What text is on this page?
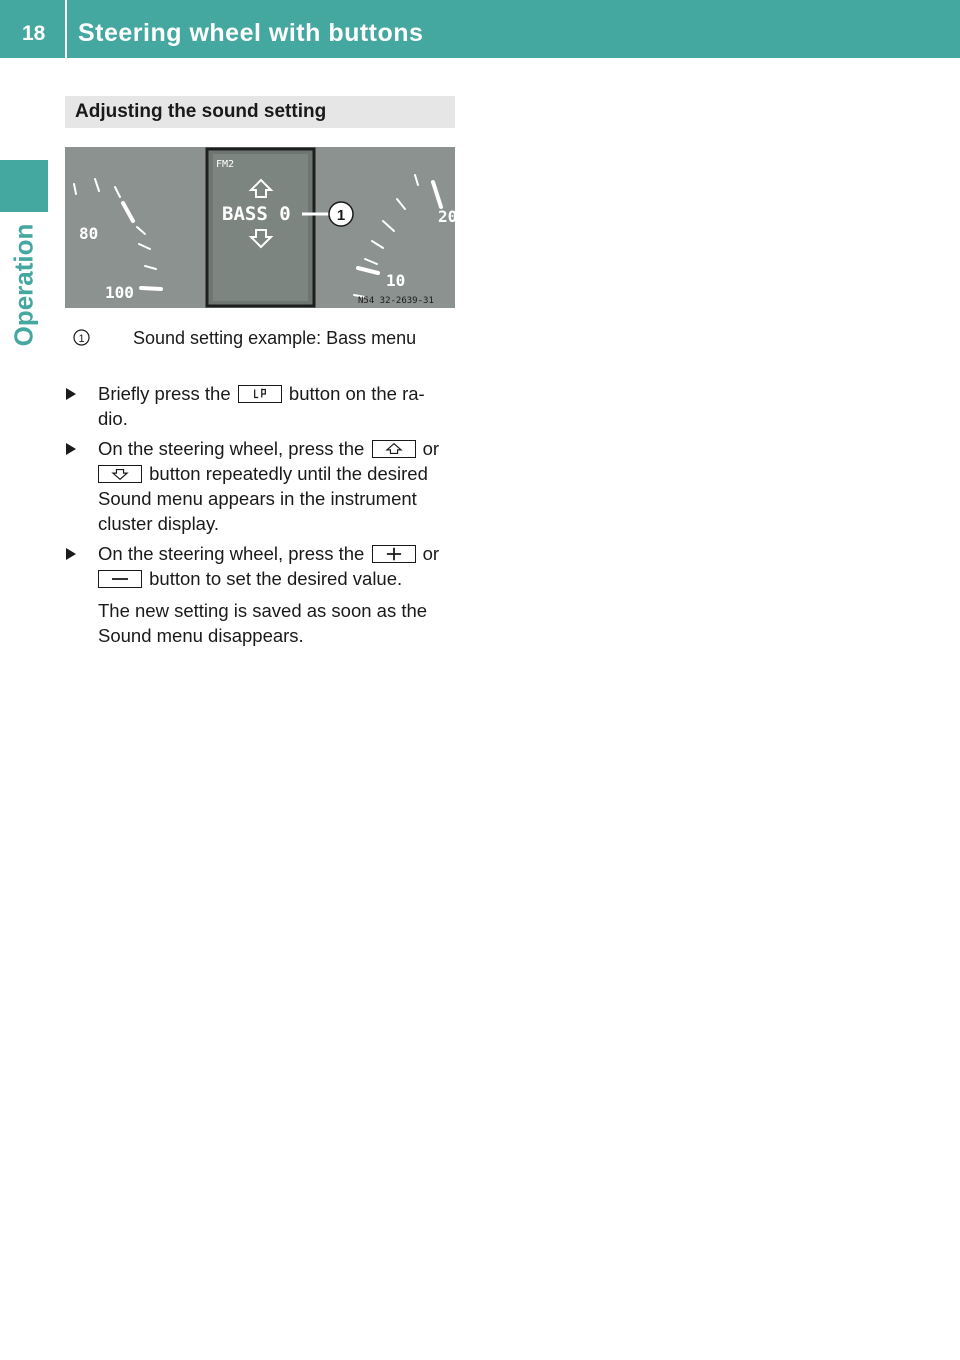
18 Steering wheel with buttons
Operation
Adjusting the sound setting
80
100
FM2
BASS 0	1	20
10
N54 32-2639-31
1	Sound setting example: Bass menu
Briefly press the	button on the ra-
dio.
On the steering wheel, press the	or

button repeatedly until the desired Sound menu appears in the instrument cluster display.
On the steering wheel, press the	or

button to set the desired value.
The new setting is saved as soon as the Sound menu disappears.
